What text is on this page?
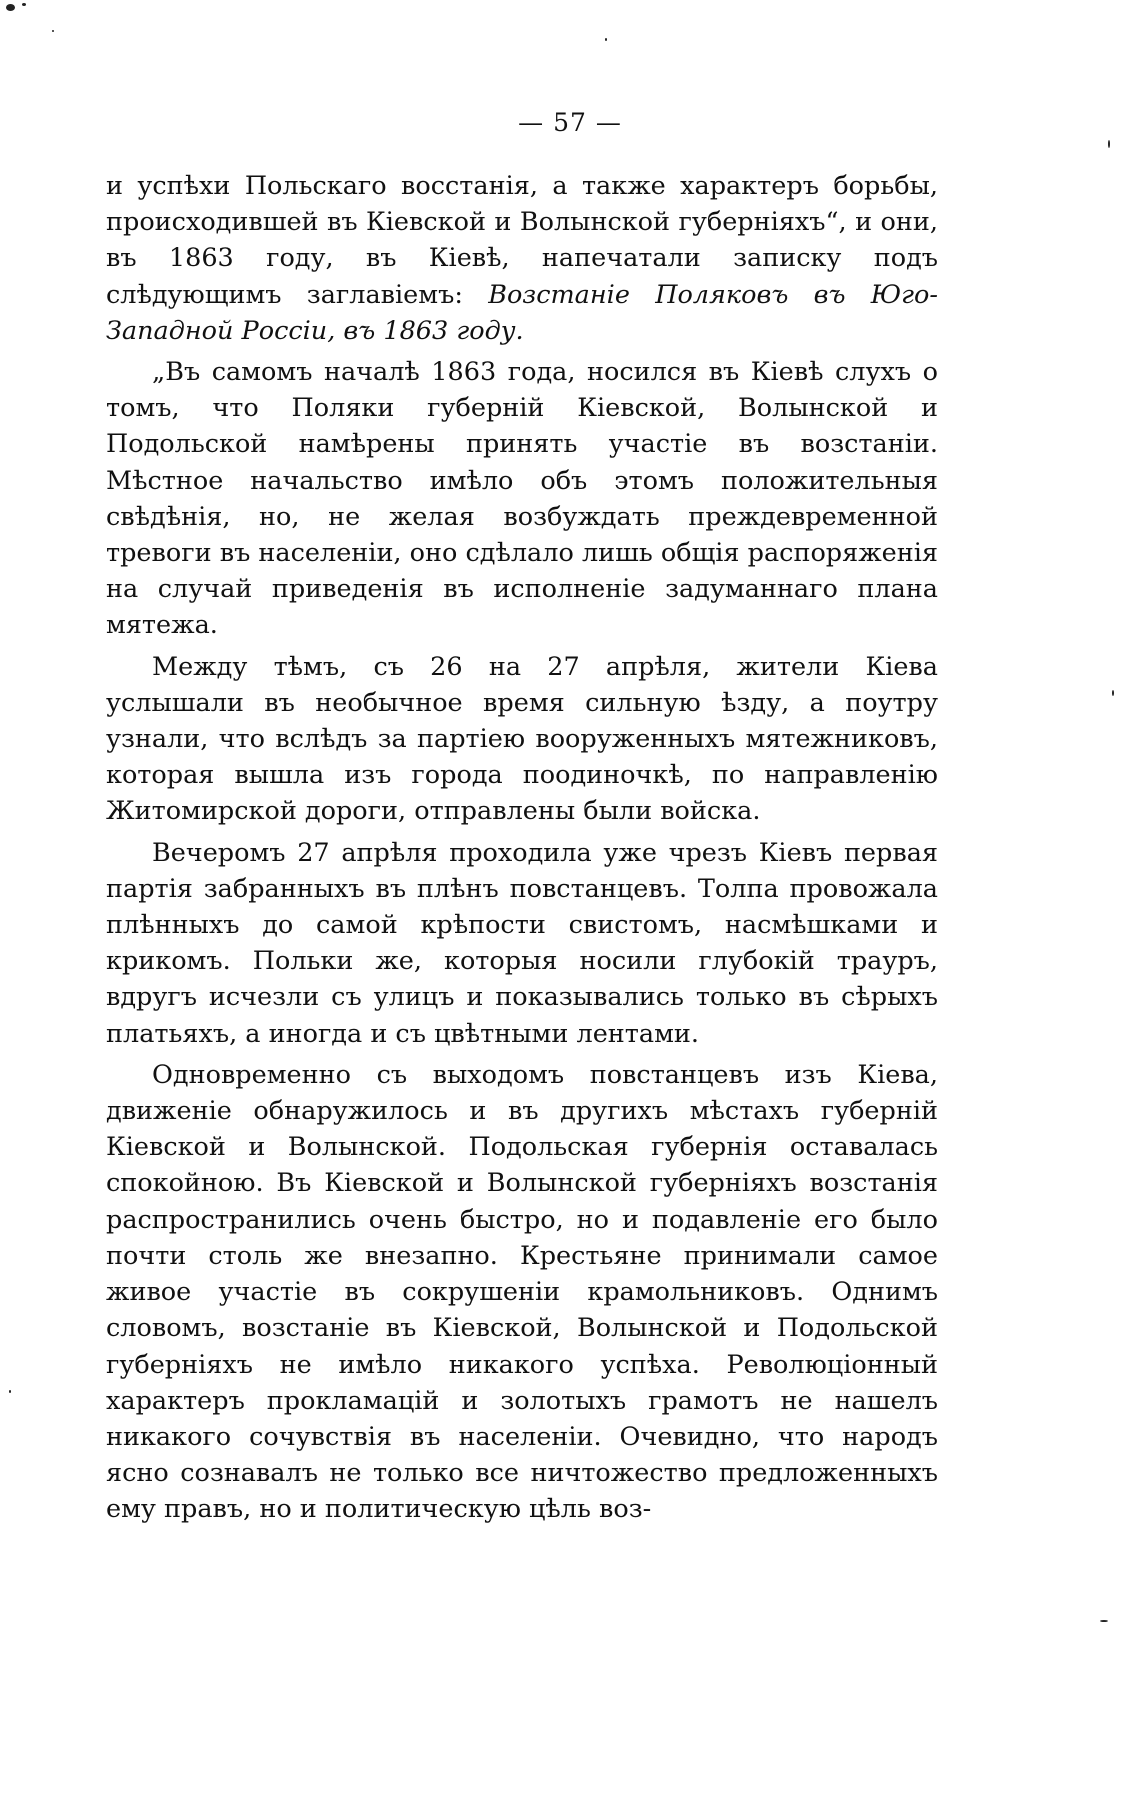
— 57 —

и успѣхи Польскаго восстанія, а также характеръ борьбы, происходившей въ Кіевской и Волынской губерніяхъ“, и они, въ 1863 году, въ Кіевѣ, напечатали записку подъ слѣдующимъ заглавіемъ: Возстаніе Поляковъ въ Юго-Западной Россіи, въ 1863 году.

„Въ самомъ началѣ 1863 года, носился въ Кіевѣ слухъ о томъ, что Поляки губерній Кіевской, Волынской и Подольской намѣрены принять участіе въ возстаніи. Мѣстное начальство имѣло объ этомъ положительныя свѣдѣнія, но, не желая возбуждать преждевременной тревоги въ населеніи, оно сдѣлало лишь общія распоряженія на случай приведенія въ исполненіе задуманнаго плана мятежа.

Между тѣмъ, съ 26 на 27 апрѣля, жители Кіева услышали въ необычное время сильную ѣзду, а поутру узнали, что вслѣдъ за партіею вооруженныхъ мятежниковъ, которая вышла изъ города поодиночкѣ, по направленію Житомирской дороги, отправлены были войска.

Вечеромъ 27 апрѣля проходила уже чрезъ Кіевъ первая партія забранныхъ въ плѣнъ повстанцевъ. Толпа провожала плѣнныхъ до самой крѣпости свистомъ, насмѣшками и крикомъ. Польки же, которыя носили глубокій трауръ, вдругъ исчезли съ улицъ и показывались только въ сѣрыхъ платьяхъ, а иногда и съ цвѣтными лентами.

Одновременно съ выходомъ повстанцевъ изъ Кіева, движеніе обнаружилось и въ другихъ мѣстахъ губерній Кіевской и Волынской. Подольская губернія оставалась спокойною. Въ Кіевской и Волынской губерніяхъ возстанія распространились очень быстро, но и подавленіе его было почти столь же внезапно. Крестьяне принимали самое живое участіе въ сокрушеніи крамольниковъ. Однимъ словомъ, возстаніе въ Кіевской, Волынской и Подольской губерніяхъ не имѣло никакого успѣха. Революціонный характеръ прокламацій и золотыхъ грамотъ не нашелъ никакого сочувствія въ населеніи. Очевидно, что народъ ясно сознавалъ не только все ничтожество предложенныхъ ему правъ, но и политическую цѣль воз-
